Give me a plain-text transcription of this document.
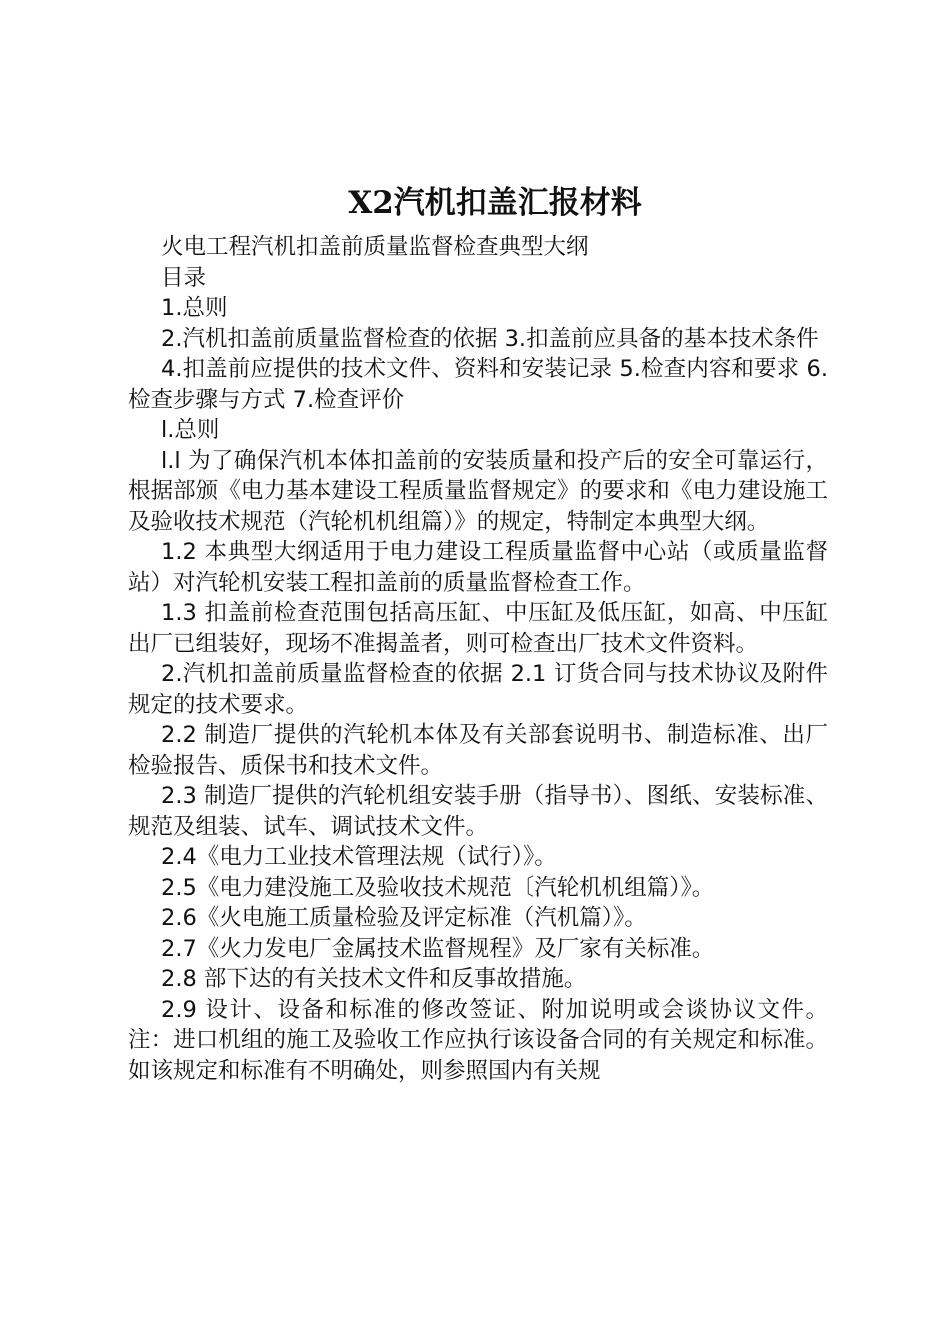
X2汽机扣盖汇报材料

火电工程汽机扣盖前质量监督检查典型大纲

目录

1.总则

2.汽机扣盖前质量监督检查的依据 3.扣盖前应具备的基本技术条件

4.扣盖前应提供的技术文件、资料和安装记录 5.检查内容和要求 6.检查步骤与方式 7.检查评价

l.总则

l.l 为了确保汽机本体扣盖前的安装质量和投产后的安全可靠运行，根据部颁《电力基本建设工程质量监督规定》的要求和《电力建设施工及验收技术规范（汽轮机机组篇）》的规定，特制定本典型大纲。

1.2 本典型大纲适用于电力建设工程质量监督中心站（或质量监督站）对汽轮机安装工程扣盖前的质量监督检查工作。

1.3 扣盖前检查范围包括高压缸、中压缸及低压缸，如高、中压缸出厂已组装好，现场不准揭盖者，则可检查出厂技术文件资料。

2.汽机扣盖前质量监督检查的依据 2.1 订货合同与技术协议及附件规定的技术要求。

2.2 制造厂提供的汽轮机本体及有关部套说明书、制造标准、出厂检验报告、质保书和技术文件。

2.3 制造厂提供的汽轮机组安装手册（指导书）、图纸、安装标准、规范及组装、试车、调试技术文件。

2.4《电力工业技术管理法规（试行）》。

2.5《电力建没施工及验收技术规范〔汽轮机机组篇）》。

2.6《火电施工质量检验及评定标准（汽机篇）》。

2.7《火力发电厂金属技术监督规程》及厂家有关标准。

2.8 部下达的有关技术文件和反事故措施。

2.9 设计、设备和标准的修改签证、附加说明或会谈协议文件。注：进口机组的施工及验收工作应执行该设备合同的有关规定和标准。如该规定和标准有不明确处，则参照国内有关规
